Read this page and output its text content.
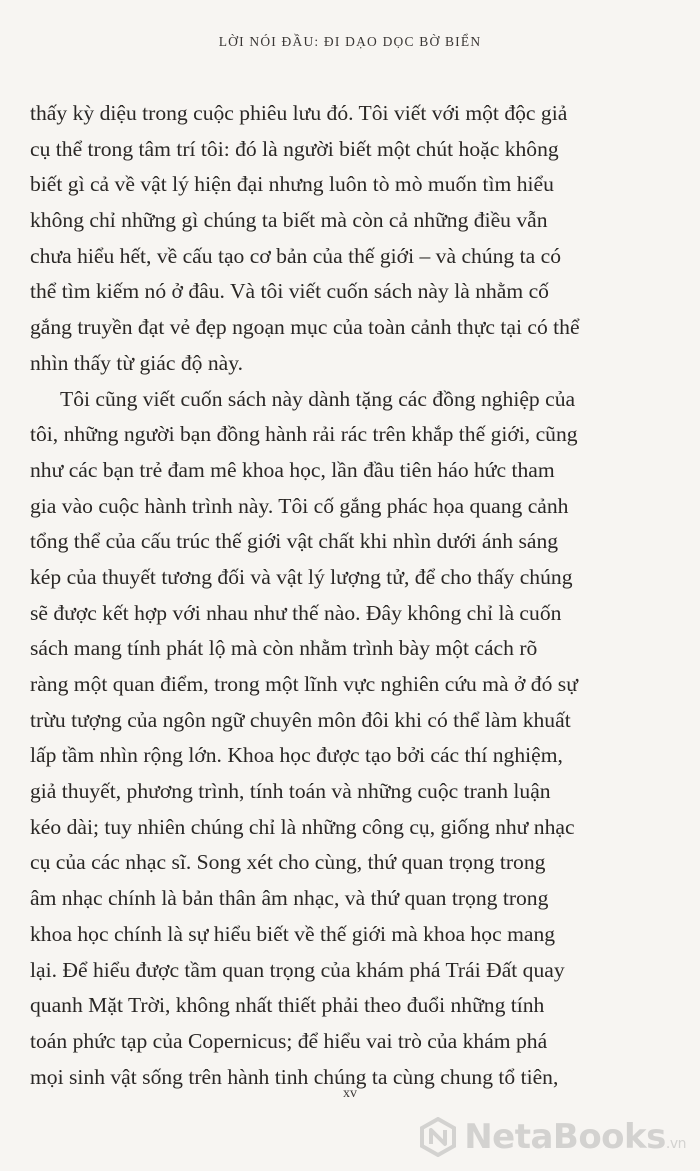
LỜI NÓI ĐẦU: ĐI DẠO DỌC BỜ BIỂN
thấy kỳ diệu trong cuộc phiêu lưu đó. Tôi viết với một độc giả
cụ thể trong tâm trí tôi: đó là người biết một chút hoặc không
biết gì cả về vật lý hiện đại nhưng luôn tò mò muốn tìm hiểu
không chỉ những gì chúng ta biết mà còn cả những điều vẫn
chưa hiểu hết, về cấu tạo cơ bản của thế giới – và chúng ta có
thể tìm kiếm nó ở đâu. Và tôi viết cuốn sách này là nhằm cố
gắng truyền đạt vẻ đẹp ngoạn mục của toàn cảnh thực tại có thể
nhìn thấy từ giác độ này.
Tôi cũng viết cuốn sách này dành tặng các đồng nghiệp của
tôi, những người bạn đồng hành rải rác trên khắp thế giới, cũng
như các bạn trẻ đam mê khoa học, lần đầu tiên háo hức tham
gia vào cuộc hành trình này. Tôi cố gắng phác họa quang cảnh
tổng thể của cấu trúc thế giới vật chất khi nhìn dưới ánh sáng
kép của thuyết tương đối và vật lý lượng tử, để cho thấy chúng
sẽ được kết hợp với nhau như thế nào. Đây không chỉ là cuốn
sách mang tính phát lộ mà còn nhằm trình bày một cách rõ
ràng một quan điểm, trong một lĩnh vực nghiên cứu mà ở đó sự
trừu tượng của ngôn ngữ chuyên môn đôi khi có thể làm khuất
lấp tầm nhìn rộng lớn. Khoa học được tạo bởi các thí nghiệm,
giả thuyết, phương trình, tính toán và những cuộc tranh luận
kéo dài; tuy nhiên chúng chỉ là những công cụ, giống như nhạc
cụ của các nhạc sĩ. Song xét cho cùng, thứ quan trọng trong
âm nhạc chính là bản thân âm nhạc, và thứ quan trọng trong
khoa học chính là sự hiểu biết về thế giới mà khoa học mang
lại. Để hiểu được tầm quan trọng của khám phá Trái Đất quay
quanh Mặt Trời, không nhất thiết phải theo đuổi những tính
toán phức tạp của Copernicus; để hiểu vai trò của khám phá
mọi sinh vật sống trên hành tinh chúng ta cùng chung tổ tiên,
xv
NetaBooks.vn
